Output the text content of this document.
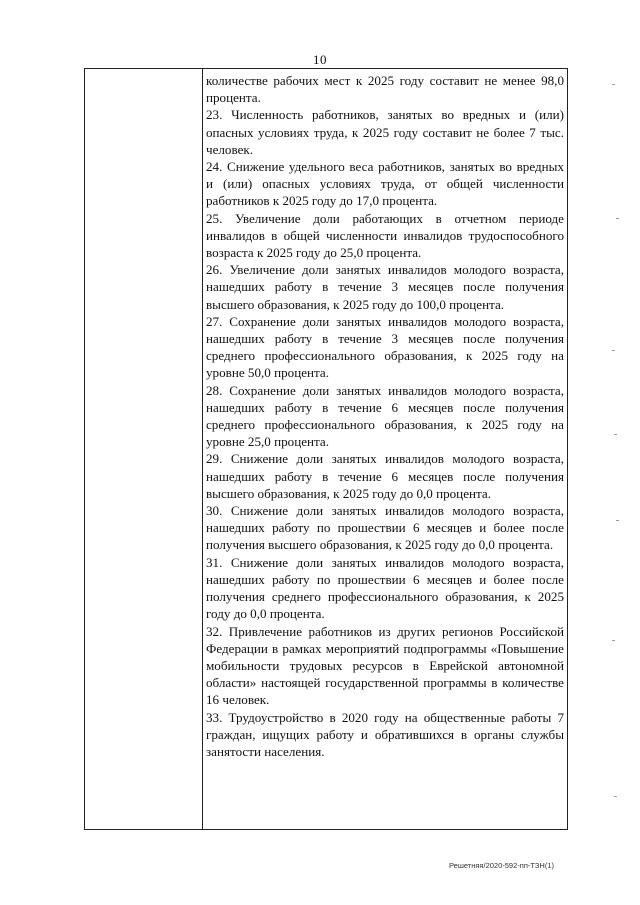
10

количестве рабочих мест к 2025 году составит не менее 98,0 процента.

23. Численность работников, занятых во вредных и (или) опасных условиях труда, к 2025 году составит не более 7 тыс. человек.

24. Снижение удельного веса работников, занятых во вредных и (или) опасных условиях труда, от общей численности работников к 2025 году до 17,0 процента.

25. Увеличение доли работающих в отчетном периоде инвалидов в общей численности инвалидов трудоспособного возраста к 2025 году до 25,0 процента.

26. Увеличение доли занятых инвалидов молодого возраста, нашедших работу в течение 3 месяцев после получения высшего образования, к 2025 году до 100,0 процента.

27. Сохранение доли занятых инвалидов молодого возраста, нашедших работу в течение 3 месяцев после получения среднего профессионального образования, к 2025 году на уровне 50,0 процента.

28. Сохранение доли занятых инвалидов молодого возраста, нашедших работу в течение 6 месяцев после получения среднего профессионального образования, к 2025 году на уровне 25,0 процента.

29. Снижение доли занятых инвалидов молодого возраста, нашедших работу в течение 6 месяцев после получения высшего образования, к 2025 году до 0,0 процента.

30. Снижение доли занятых инвалидов молодого возраста, нашедших работу по прошествии 6 месяцев и более после получения высшего образования, к 2025 году до 0,0 процента.

31. Снижение доли занятых инвалидов молодого возраста, нашедших работу по прошествии 6 месяцев и более после получения среднего профессионального образования, к 2025 году до 0,0 процента.

32. Привлечение работников из других регионов Российской Федерации в рамках мероприятий подпрограммы «Повышение мобильности трудовых ресурсов в Еврейской автономной области» настоящей государственной программы в количестве 16 человек.

33. Трудоустройство в 2020 году на общественные работы 7 граждан, ищущих работу и обратившихся в органы службы занятости населения.

Решетняя/2020-592-пп-ТЗН(1)
